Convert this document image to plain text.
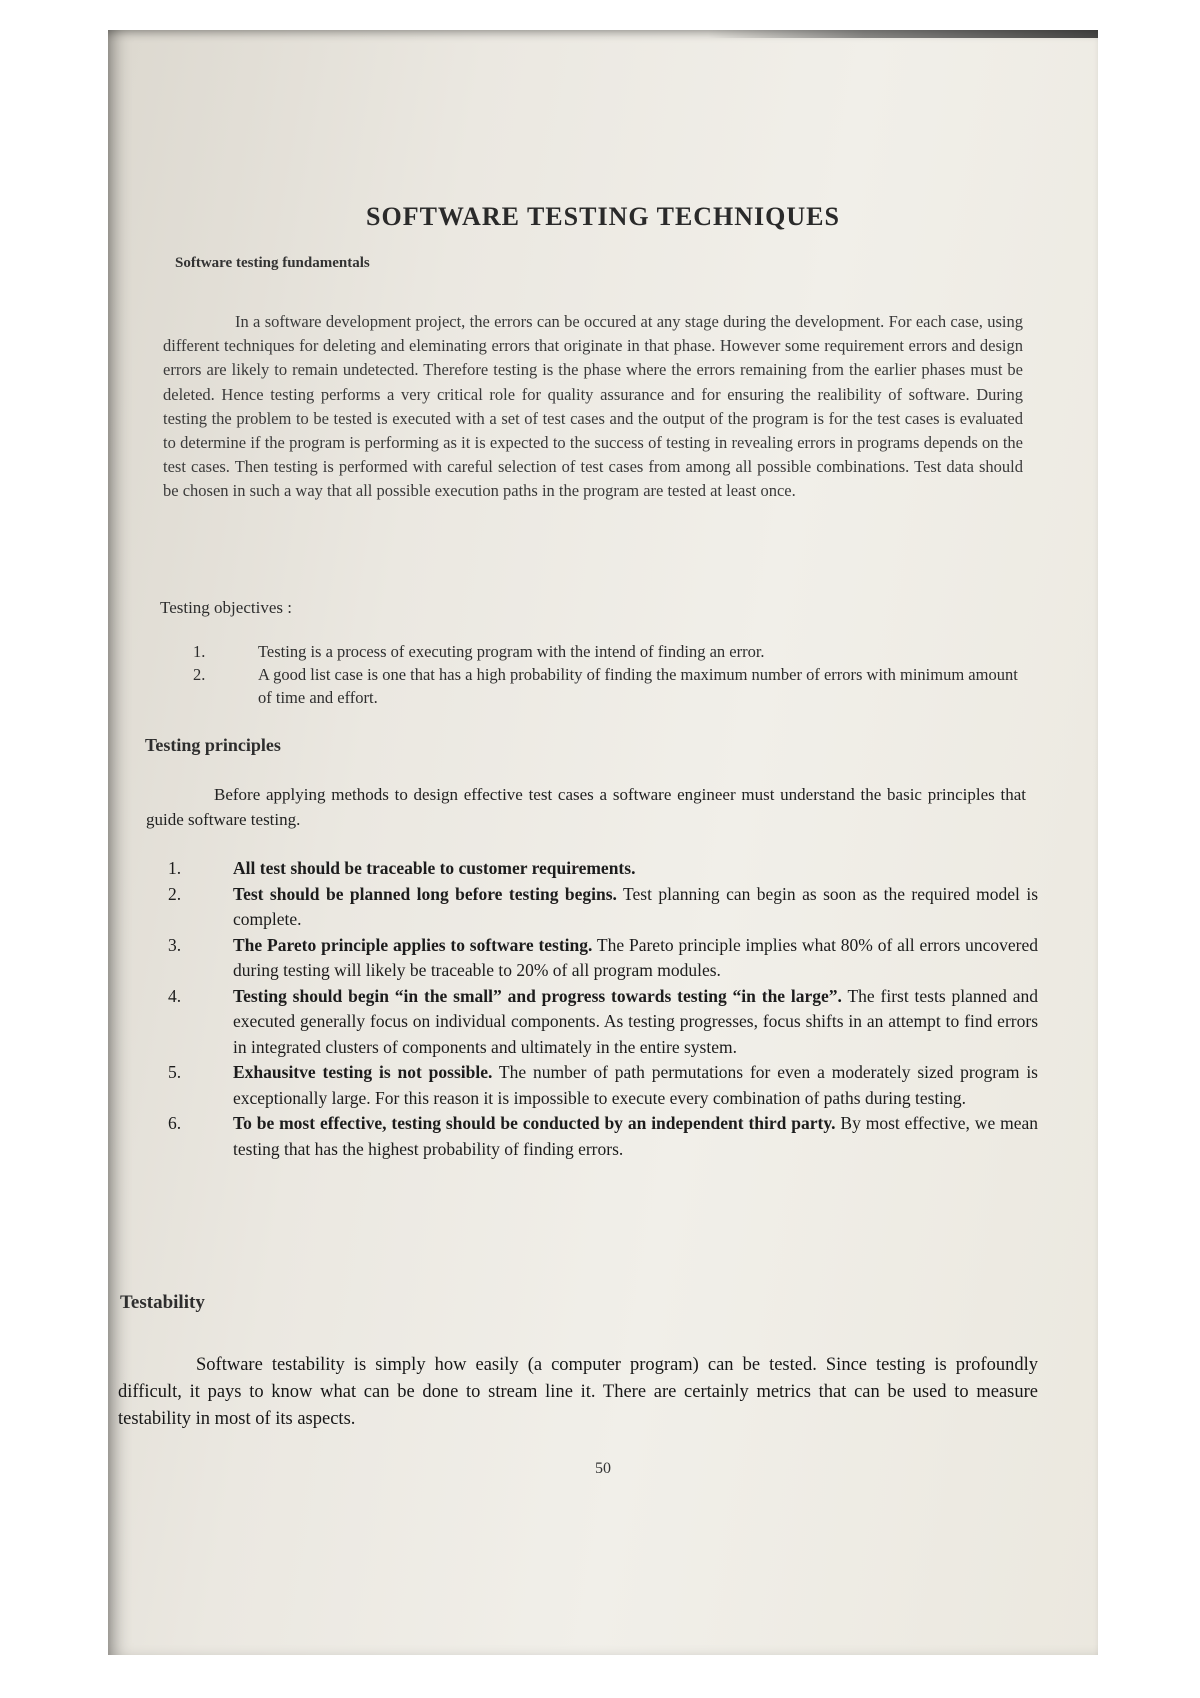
SOFTWARE TESTING TECHNIQUES
Software testing fundamentals
In a software development project, the errors can be occured at any stage during the development. For each case, using different techniques for deleting and eleminating errors that originate in that phase. However some requirement errors and design errors are likely to remain undetected. Therefore testing is the phase where the errors remaining from the earlier phases must be deleted. Hence testing performs a very critical role for quality assurance and for ensuring the realibility of software. During testing the problem to be tested is executed with a set of test cases and the output of the program is for the test cases is evaluated to determine if the program is performing as it is expected to the success of testing in revealing errors in programs depends on the test cases. Then testing is performed with careful selection of test cases from among all possible combinations. Test data should be chosen in such a way that all possible execution paths in the program are tested at least once.
Testing objectives :
1.	Testing is a process of executing program with the intend of finding an error.
2.	A good list case is one that has a high probability of finding the maximum number of errors with minimum amount of time and effort.
Testing principles
Before applying methods to design effective test cases a software engineer must understand the basic principles that guide software testing.
1.	All test should be traceable to customer requirements.
2.	Test should be planned long before testing begins. Test planning can begin as soon as the required model is complete.
3.	The Pareto principle applies to software testing. The Pareto principle implies what 80% of all errors uncovered during testing will likely be traceable to 20% of all program modules.
4.	Testing should begin “in the small” and progress towards testing “in the large”. The first tests planned and executed generally focus on individual components. As testing progresses, focus shifts in an attempt to find errors in integrated clusters of components and ultimately in the entire system.
5.	Exhausitve testing is not possible. The number of path permutations for even a moderately sized program is exceptionally large. For this reason it is impossible to execute every combination of paths during testing.
6.	To be most effective, testing should be conducted by an independent third party. By most effective, we mean testing that has the highest probability of finding errors.
Testability
Software testability is simply how easily (a computer program) can be tested. Since testing is profoundly difficult, it pays to know what can be done to stream line it. There are certainly metrics that can be used to measure testability in most of its aspects.
50
